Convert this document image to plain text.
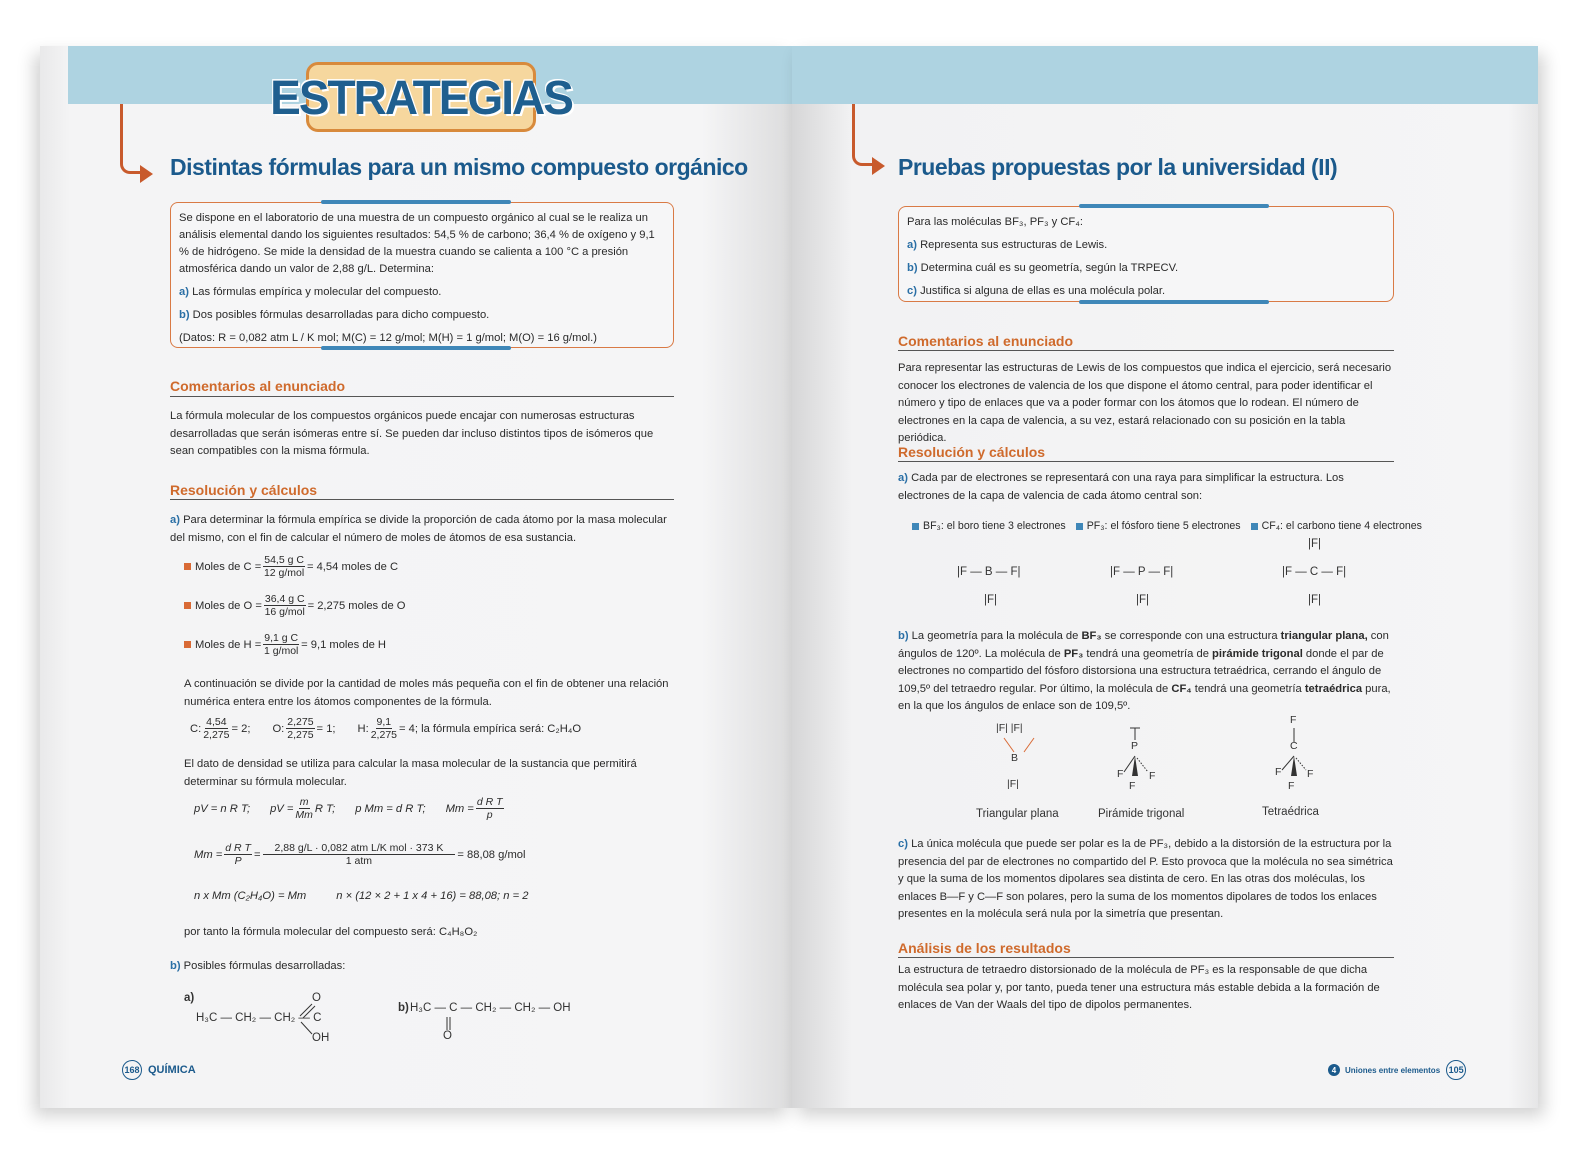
ESTRATEGIAS
Distintas fórmulas para un mismo compuesto orgánico

Se dispone en el laboratorio de una muestra de un compuesto orgánico al cual se le realiza un análisis elemental dando los siguientes resultados: 54,5 % de carbono; 36,4 % de oxígeno y 9,1 % de hidrógeno. Se mide la densidad de la muestra cuando se calienta a 100 °C a presión atmosférica dando un valor de 2,88 g/L. Determina:

a) Las fórmulas empírica y molecular del compuesto.

b) Dos posibles fórmulas desarrolladas para dicho compuesto.

(Datos: R = 0,082 atm L / K mol; M(C) = 12 g/mol; M(H) = 1 g/mol; M(O) = 16 g/mol.)

Comentarios al enunciado
La fórmula molecular de los compuestos orgánicos puede encajar con numerosas estructuras desarrolladas que serán isómeras entre sí. Se pueden dar incluso distintos tipos de isómeros que sean compatibles con la misma fórmula.
Resolución y cálculos
a) Para determinar la fórmula empírica se divide la proporción de cada átomo por la masa molecular del mismo, con el fin de calcular el número de moles de átomos de esa sustancia.
Moles de $C = \frac{\text{54,5 g C}}{\text{12 g/mol}} = 4,54$ moles de C
Moles de $O = \frac{\text{36,4 g C}}{\text{16 g/mol}} = 2,275$ moles de O
Moles de $H = \frac{\text{9,1 g C}}{\text{1 g/mol}} = 9,1$ moles de H
A continuación se divide por la cantidad de moles más pequeña con el fin de obtener una relación numérica entera entre los átomos componentes de la fórmula.
C: $\frac{4,54}{2,275} = 2$; O: $\frac{2,275}{2,275} = 1$; H: $\frac{9,1}{2,275} = 4$; la fórmula empírica será: C₂H₄O
El dato de densidad se utiliza para calcular la masa molecular de la sustancia que permitirá determinar su fórmula molecular.
pV = n R T; pV = $\frac{m}{Mm}$ R T; p Mm = d R T; $Mm = \frac{\text{d R T}}{p}$
$Mm = \frac{\text{d R T}}{P} = \frac{\text{2,88 g/L · 0,082 atm L/K mol · 373 K}}{\text{1 atm}} = 88,08$ g/mol
n x Mm (C₂H₄O) = Mm	n × (12 × 2 + 1 x 4 + 16) = 88,08; n = 2
por tanto la fórmula molecular del compuesto será: C₄H₈O₂
b) Posibles fórmulas desarrolladas:
a)
H₃C — CH₂ — CH₂ — C
O
OH
b) H₃C — C — CH₂ — CH₂ — OH
O
168 QUÍMICA
Pruebas propuestas por la universidad (II)

Para las moléculas BF₃, PF₃ y CF₄:

a) Representa sus estructuras de Lewis.

b) Determina cuál es su geometría, según la TRPECV.

c) Justifica si alguna de ellas es una molécula polar.

Comentarios al enunciado
Para representar las estructuras de Lewis de los compuestos que indica el ejercicio, será necesario conocer los electrones de valencia de los que dispone el átomo central, para poder identificar el número y tipo de enlaces que va a poder formar con los átomos que lo rodean. El número de electrones en la capa de valencia, a su vez, estará relacionado con su posición en la tabla periódica.
Resolución y cálculos
a) Cada par de electrones se representará con una raya para simplificar la estructura. Los electrones de la capa de valencia de cada átomo central son:
BF₃: el boro tiene 3 electrones PF₃: el fósforo tiene 5 electrones CF₄: el carbono tiene 4 electrones
|F — B — F|
|F|
|F — P — F|
|F|
|F|
|F — C — F|
|F|
b) La geometría para la molécula de BF₃ se corresponde con una estructura triangular plana, con ángulos de 120º. La molécula de PF₃ tendrá una geometría de pirámide trigonal donde el par de electrones no compartido del fósforo distorsiona una estructura tetraédrica, cerrando el ángulo de 109,5º del tetraedro regular. Por último, la molécula de CF₄ tendrá una geometría tetraédrica pura, en la que los ángulos de enlace son de 109,5º.
|F| |F|
B
|F|
P
F F
F
F
C
F F
F
Triangular plana	Pirámide trigonal	Tetraédrica
c) La única molécula que puede ser polar es la de PF₃, debido a la distorsión de la estructura por la presencia del par de electrones no compartido del P. Esto provoca que la molécula no sea simétrica y que la suma de los momentos dipolares sea distinta de cero. En las otras dos moléculas, los enlaces B—F y C—F son polares, pero la suma de los momentos dipolares de todos los enlaces presentes en la molécula será nula por la simetría que presentan.
Análisis de los resultados
La estructura de tetraedro distorsionado de la molécula de PF₃ es la responsable de que dicha molécula sea polar y, por tanto, pueda tener una estructura más estable debida a la formación de enlaces de Van der Waals del tipo de dipolos permanentes.
4	Uniones entre elementos 105
